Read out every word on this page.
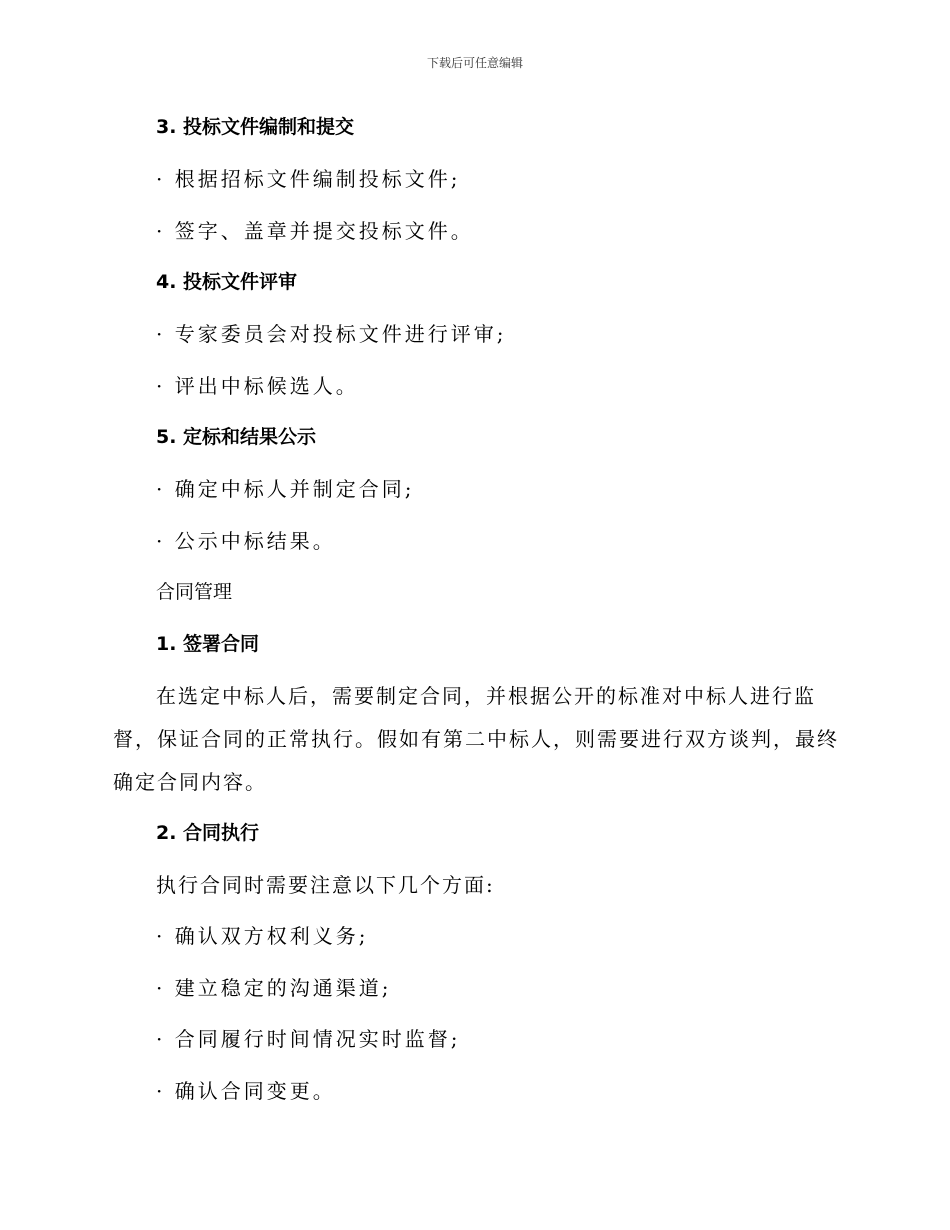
下载后可任意编辑
3. 投标文件编制和提交
· 根据招标文件编制投标文件;
· 签字、盖章并提交投标文件。
4. 投标文件评审
· 专家委员会对投标文件进行评审;
· 评出中标候选人。
5. 定标和结果公示
· 确定中标人并制定合同;
· 公示中标结果。
合同管理
1. 签署合同
在选定中标人后，需要制定合同，并根据公开的标准对中标人进行监
督，保证合同的正常执行。假如有第二中标人，则需要进行双方谈判，最终
确定合同内容。
2. 合同执行
执行合同时需要注意以下几个方面:
· 确认双方权利义务;
· 建立稳定的沟通渠道;
· 合同履行时间情况实时监督;
· 确认合同变更。
